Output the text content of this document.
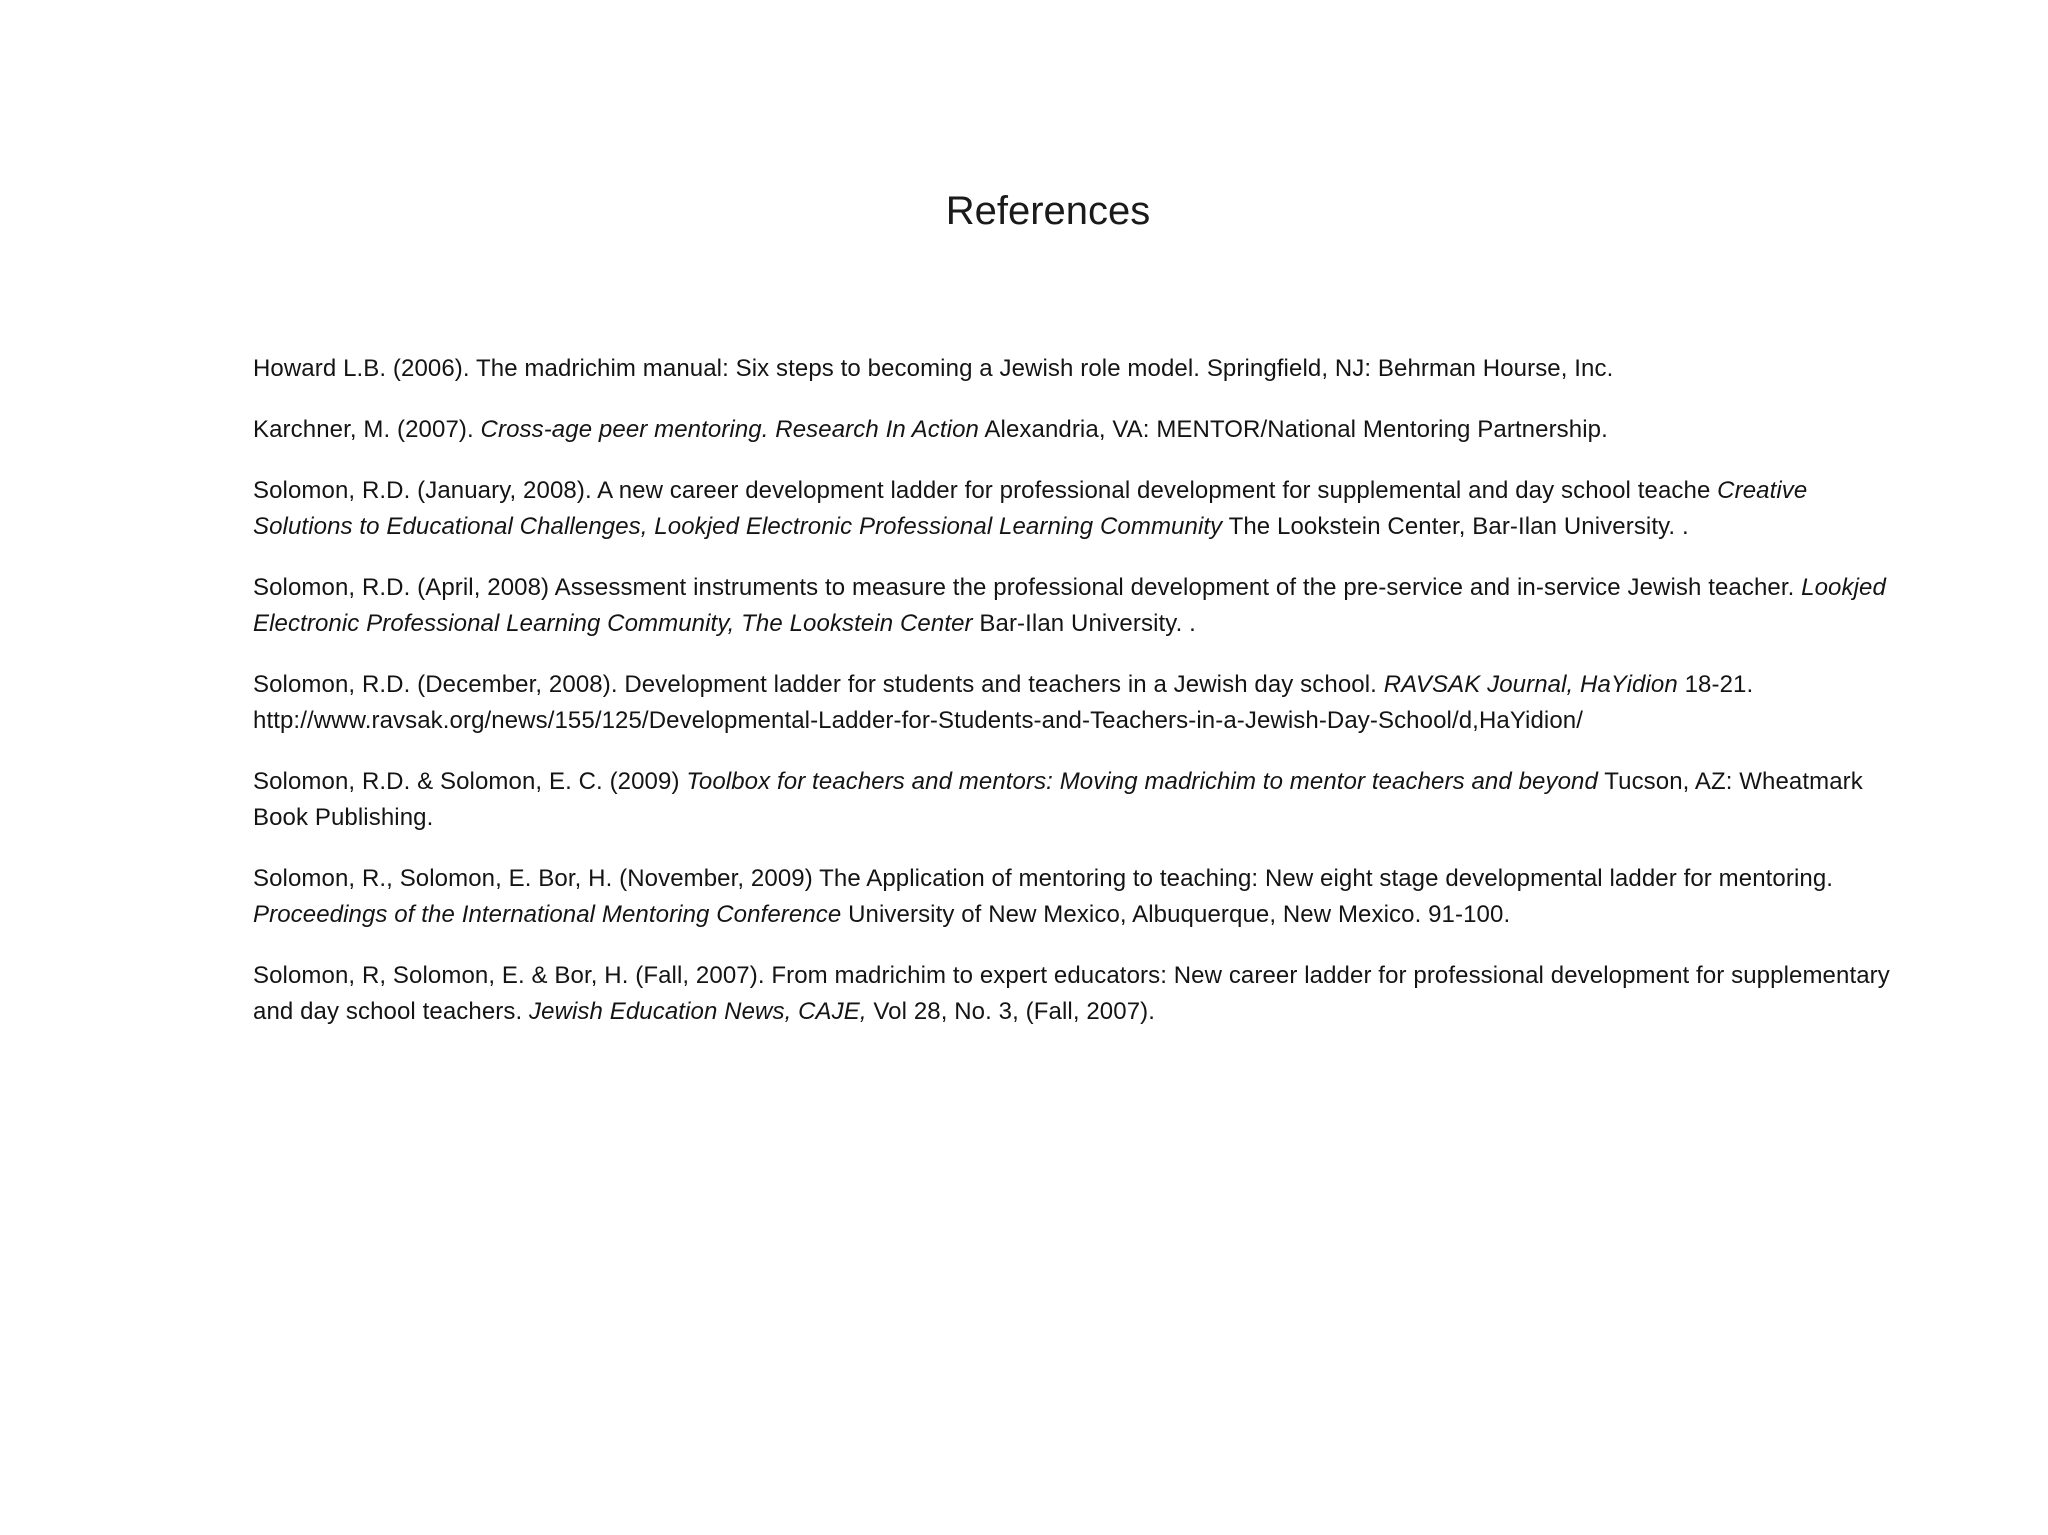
References
Howard L.B. (2006). The madrichim manual: Six steps to becoming a Jewish role model. Springfield, NJ: Behrman Hourse, Inc.
Karchner, M. (2007). Cross-age peer mentoring. Research In Action Alexandria, VA: MENTOR/National Mentoring Partnership.
Solomon, R.D. (January, 2008). A new career development ladder for professional development for supplemental and day school teache Creative Solutions to Educational Challenges, Lookjed Electronic Professional Learning Community The Lookstein Center, Bar-Ilan University. .
Solomon, R.D. (April, 2008) Assessment instruments to measure the professional development of the pre-service and in-service Jewish teacher. Lookjed Electronic Professional Learning Community, The Lookstein Center Bar-Ilan University. .
Solomon, R.D. (December, 2008). Development ladder for students and teachers in a Jewish day school. RAVSAK Journal, HaYidion 18-21. http://www.ravsak.org/news/155/125/Developmental-Ladder-for-Students-and-Teachers-in-a-Jewish-Day-School/d,HaYidion/
Solomon, R.D. & Solomon, E. C. (2009) Toolbox for teachers and mentors: Moving madrichim to mentor teachers and beyond Tucson, AZ: Wheatmark Book Publishing.
Solomon, R., Solomon, E. Bor, H. (November, 2009) The Application of mentoring to teaching: New eight stage developmental ladder for mentoring. Proceedings of the International Mentoring Conference University of New Mexico, Albuquerque, New Mexico. 91-100.
Solomon, R, Solomon, E. & Bor, H. (Fall, 2007). From madrichim to expert educators: New career ladder for professional development for supplementary and day school teachers. Jewish Education News, CAJE, Vol 28, No. 3, (Fall, 2007).
